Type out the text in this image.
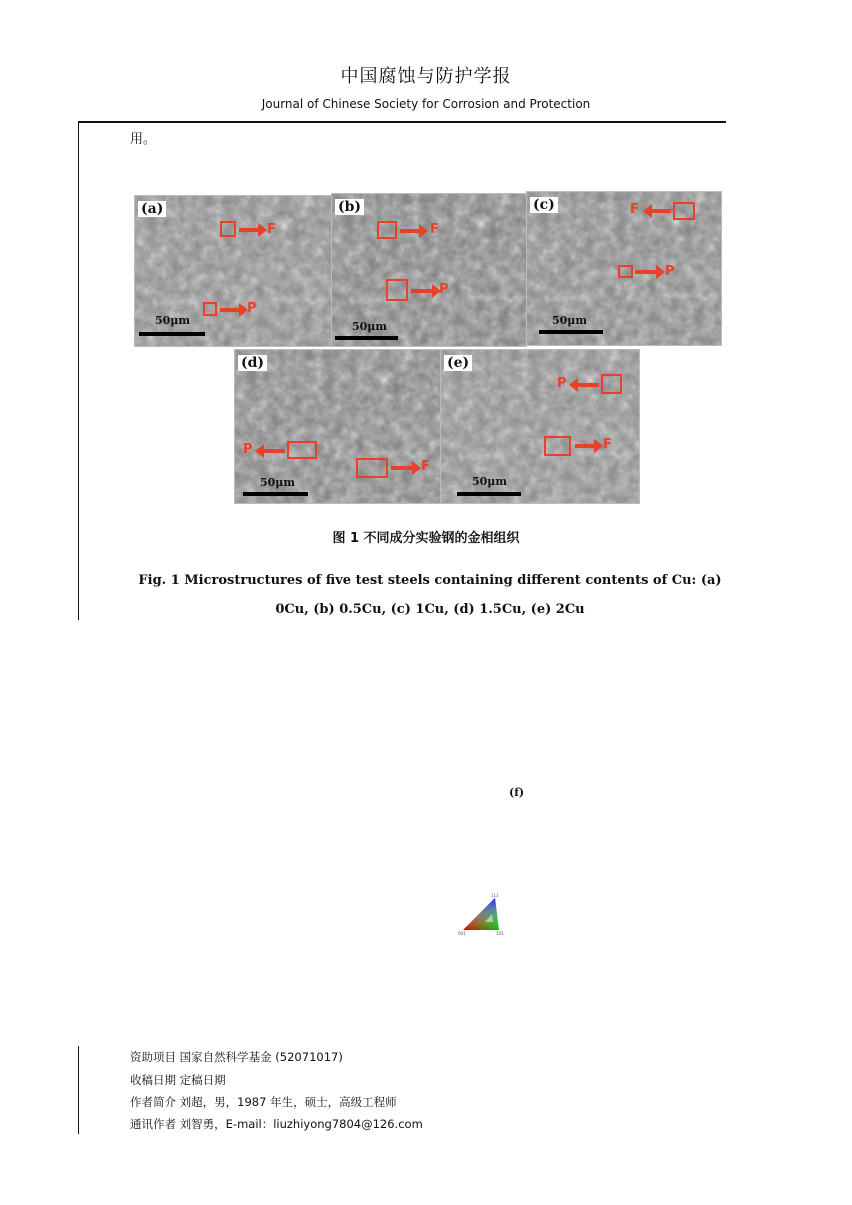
中国腐蚀与防护学报
Journal of Chinese Society for Corrosion and Protection
用。
(a)
F
P
50μm
(b)
F
P
50μm
(c)	F
P
50μm
(d)
P
F
50μm
(e)
P
F
50μm
图 1 不同成分实验钢的金相组织
Fig. 1 Microstructures of five test steels containing different contents of Cu: (a) 0Cu, (b) 0.5Cu, (c) 1Cu, (d) 1.5Cu, (e) 2Cu
(f)
111
001	101
资助项目 国家自然科学基金 (52071017)
收稿日期 定稿日期
作者简介 刘超，男，1987 年生，硕士，高级工程师
通讯作者 刘智勇，E-mail：liuzhiyong7804@126.com
